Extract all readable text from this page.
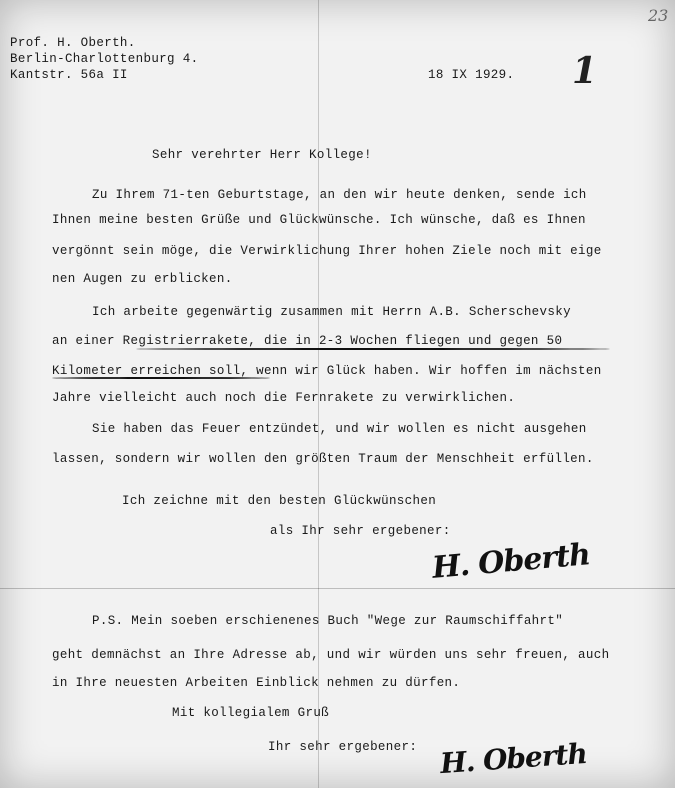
23
Prof. H. Oberth.
Berlin-Charlottenburg 4.
Kantstr. 56a II	18 IX 1929. 1
Sehr verehrter Herr Kollege!
Zu Ihrem 71-ten Geburtstage, an den wir heute denken, sende ich
Ihnen meine besten Grüße und Glückwünsche. Ich wünsche, daß es Ihnen
vergönnt sein möge, die Verwirklichung Ihrer hohen Ziele noch mit eige
nen Augen zu erblicken.
Ich arbeite gegenwärtig zusammen mit Herrn A.B. Scherschevsky
an einer Registrierrakete, die in 2-3 Wochen fliegen und gegen 50
Kilometer erreichen soll, wenn wir Glück haben. Wir hoffen im nächsten
Jahre vielleicht auch noch die Fernrakete zu verwirklichen.
Sie haben das Feuer entzündet, und wir wollen es nicht ausgehen
lassen, sondern wir wollen den größten Traum der Menschheit erfüllen.
Ich zeichne mit den besten Glückwünschen
als Ihr sehr ergebener:
H. Oberth
P.S. Mein soeben erschienenes Buch "Wege zur Raumschiffahrt"
geht demnächst an Ihre Adresse ab, und wir würden uns sehr freuen, auch
in Ihre neuesten Arbeiten Einblick nehmen zu dürfen.
Mit kollegialem Gruß
Ihr sehr ergebener: H. Oberth
